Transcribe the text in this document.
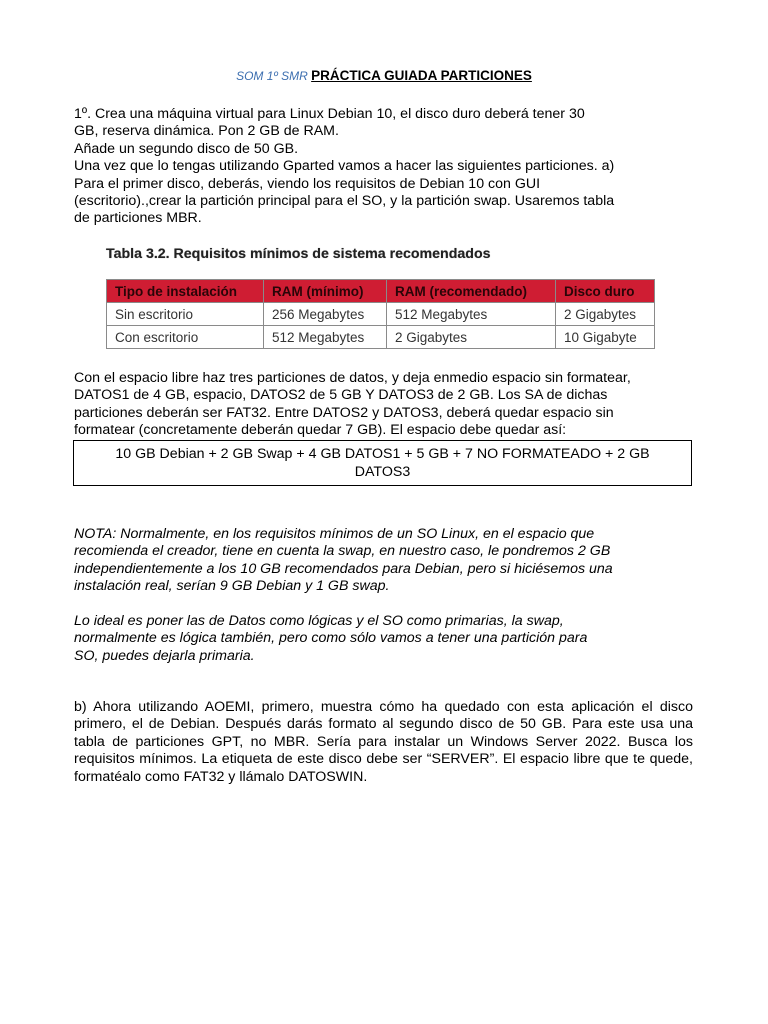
SOM 1º SMR PRÁCTICA GUIADA PARTICIONES
1º. Crea una máquina virtual para Linux Debian 10, el disco duro deberá tener 30
GB, reserva dinámica. Pon 2 GB de RAM.
Añade un segundo disco de 50 GB.
Una vez que lo tengas utilizando Gparted vamos a hacer las siguientes particiones. a)
Para el primer disco, deberás, viendo los requisitos de Debian 10 con GUI
(escritorio).,crear la partición principal para el SO, y la partición swap. Usaremos tabla
de particiones MBR.
Tabla 3.2. Requisitos mínimos de sistema recomendados
Tipo de instalación	RAM (mínimo)	RAM (recomendado)	Disco duro
Sin escritorio	256 Megabytes	512 Megabytes	2 Gigabytes
Con escritorio	512 Megabytes	2 Gigabytes	10 Gigabyte
Con el espacio libre haz tres particiones de datos, y deja enmedio espacio sin formatear,
DATOS1 de 4 GB, espacio, DATOS2 de 5 GB Y DATOS3 de 2 GB. Los SA de dichas
particiones deberán ser FAT32. Entre DATOS2 y DATOS3, deberá quedar espacio sin
formatear (concretamente deberán quedar 7 GB). El espacio debe quedar así:
10 GB Debian + 2 GB Swap + 4 GB DATOS1 + 5 GB + 7 NO FORMATEADO + 2 GB
DATOS3
NOTA: Normalmente, en los requisitos mínimos de un SO Linux, en el espacio que
recomienda el creador, tiene en cuenta la swap, en nuestro caso, le pondremos 2 GB
independientemente a los 10 GB recomendados para Debian, pero si hiciésemos una
instalación real, serían 9 GB Debian y 1 GB swap.
Lo ideal es poner las de Datos como lógicas y el SO como primarias, la swap,
normalmente es lógica también, pero como sólo vamos a tener una partición para
SO, puedes dejarla primaria.
b) Ahora utilizando AOEMI, primero, muestra cómo ha quedado con esta aplicación el disco primero, el de Debian. Después darás formato al segundo disco de 50 GB. Para este usa una tabla de particiones GPT, no MBR. Sería para instalar un Windows Server 2022. Busca los requisitos mínimos. La etiqueta de este disco debe ser “SERVER”. El espacio libre que te quede, formatéalo como FAT32 y llámalo DATOSWIN.
